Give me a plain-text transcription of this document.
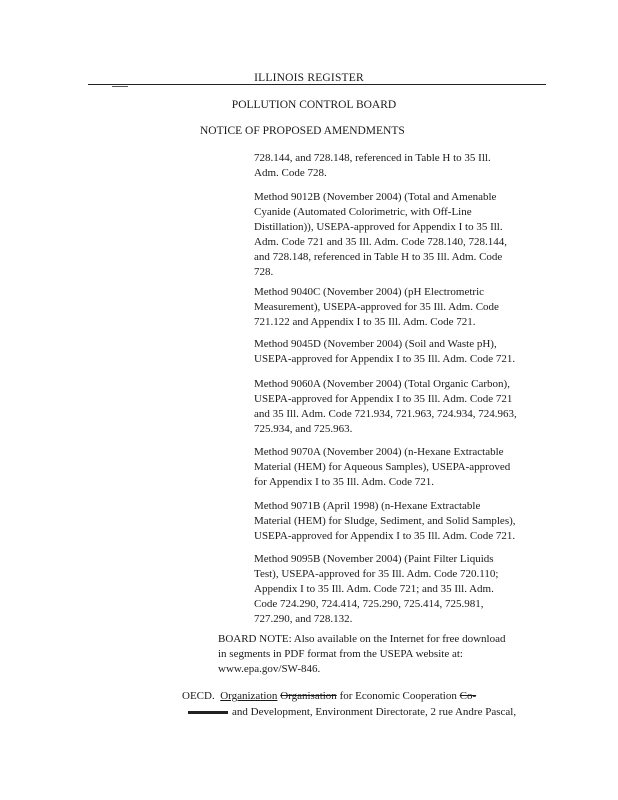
ILLINOIS REGISTER
POLLUTION CONTROL BOARD
NOTICE OF PROPOSED AMENDMENTS

728.144, and 728.148, referenced in Table H to 35 Ill.

Adm. Code 728.

Method 9012B (November 2004) (Total and Amenable

Cyanide (Automated Colorimetric, with Off-Line

Distillation)), USEPA-approved for Appendix I to 35 Ill.

Adm. Code 721 and 35 Ill. Adm. Code 728.140, 728.144,

and 728.148, referenced in Table H to 35 Ill. Adm. Code

728.

Method 9040C (November 2004) (pH Electrometric

Measurement), USEPA-approved for 35 Ill. Adm. Code

721.122 and Appendix I to 35 Ill. Adm. Code 721.

Method 9045D (November 2004) (Soil and Waste pH),

USEPA-approved for Appendix I to 35 Ill. Adm. Code 721.

Method 9060A (November 2004) (Total Organic Carbon),

USEPA-approved for Appendix I to 35 Ill. Adm. Code 721

and 35 Ill. Adm. Code 721.934, 721.963, 724.934, 724.963,

725.934, and 725.963.

Method 9070A (November 2004) (n-Hexane Extractable

Material (HEM) for Aqueous Samples), USEPA-approved

for Appendix I to 35 Ill. Adm. Code 721.

Method 9071B (April 1998) (n-Hexane Extractable

Material (HEM) for Sludge, Sediment, and Solid Samples),

USEPA-approved for Appendix I to 35 Ill. Adm. Code 721.

Method 9095B (November 2004) (Paint Filter Liquids

Test), USEPA-approved for 35 Ill. Adm. Code 720.110;

Appendix I to 35 Ill. Adm. Code 721; and 35 Ill. Adm.

Code 724.290, 724.414, 725.290, 725.414, 725.981,

727.290, and 728.132.

BOARD NOTE: Also available on the Internet for free download

in segments in PDF format from the USEPA website at:

www.epa.gov/SW-846.

OECD. Organization Organisation for Economic Cooperation Co-

and Development, Environment Directorate, 2 rue Andre Pascal,
